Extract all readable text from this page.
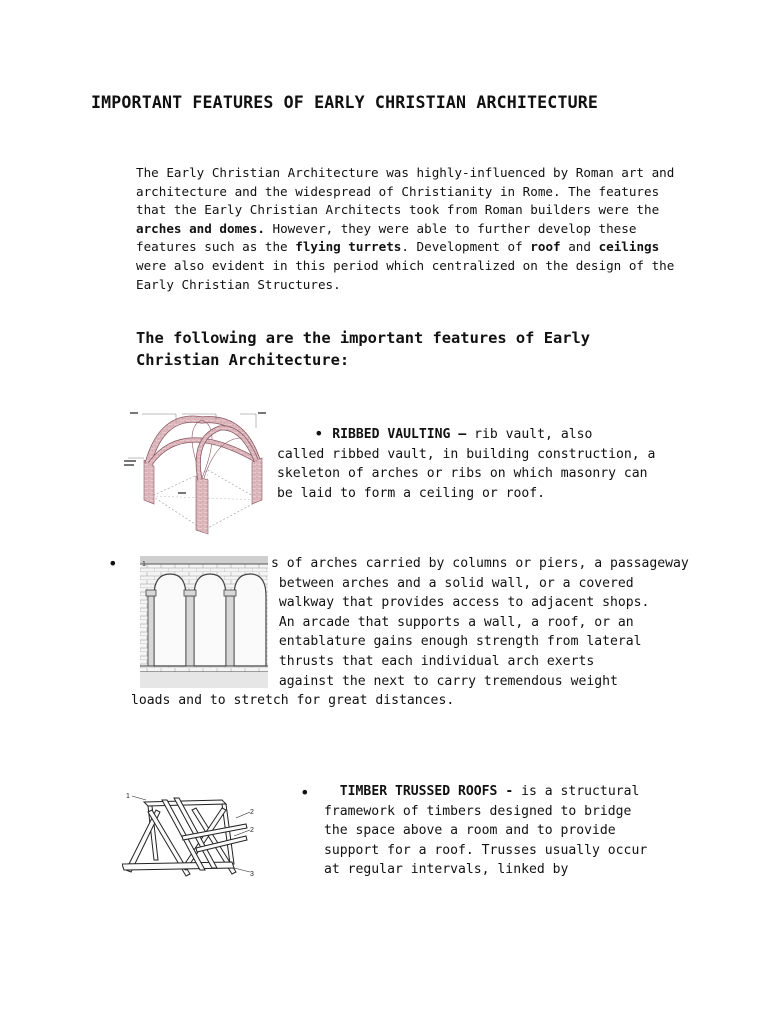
IMPORTANT FEATURES OF EARLY CHRISTIAN ARCHITECTURE
The Early Christian Architecture was highly-influenced by Roman art and
architecture and the widespread of Christianity in Rome. The features
that the Early Christian Architects took from Roman builders were the
arches and domes. However, they were able to further develop these
features such as the flying turrets. Development of roof and ceilings
were also evident in this period which centralized on the design of the
Early Christian Structures.
The following are the important features of Early
Christian Architecture:
• RIBBED VAULTING – rib vault, also
called ribbed vault, in building construction, a
skeleton of arches or ribs on which masonry can
be laid to form a ceiling or roof.
1
•	s of arches carried by columns or piers, a passageway
between arches and a solid wall, or a covered
walkway that provides access to adjacent shops.
An arcade that supports a wall, a roof, or an
entablature gains enough strength from lateral
thrusts that each individual arch exerts
against the next to carry tremendous weight
loads and to stretch for great distances.
1
2
2
3
•	TIMBER TRUSSED ROOFS - is a structural
framework of timbers designed to bridge
the space above a room and to provide
support for a roof. Trusses usually occur
at regular intervals, linked by
